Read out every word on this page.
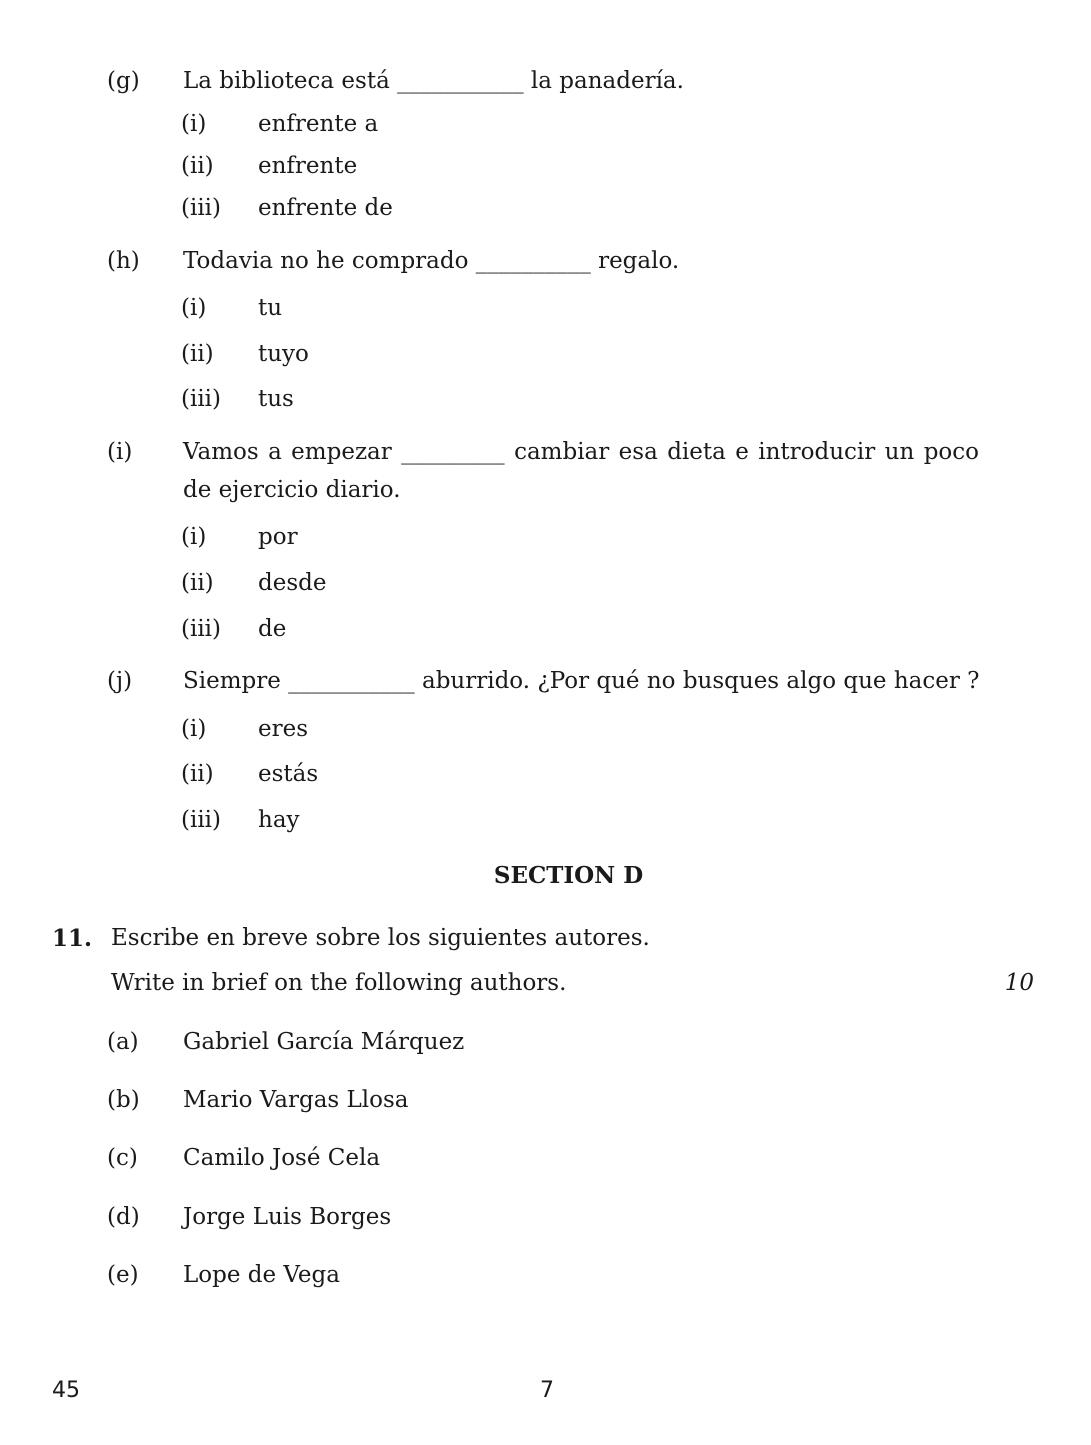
(g) La biblioteca está ___________ la panadería.
(i) enfrente a
(ii) enfrente
(iii) enfrente de
(h) Todavia no he comprado __________ regalo.
(i) tu
(ii) tuyo
(iii) tus
(i) Vamos a empezar _________ cambiar esa dieta e introducir un poco
de ejercicio diario.
(i) por
(ii) desde
(iii) de
(j) Siempre ___________ aburrido. ¿Por qué no busques algo que hacer ?
(i) eres
(ii) estás
(iii) hay
SECTION D
11. Escribe en breve sobre los siguientes autores.
Write in brief on the following authors.	10
(a) Gabriel García Márquez
(b) Mario Vargas Llosa
(c) Camilo José Cela
(d) Jorge Luis Borges
(e) Lope de Vega
45	7
